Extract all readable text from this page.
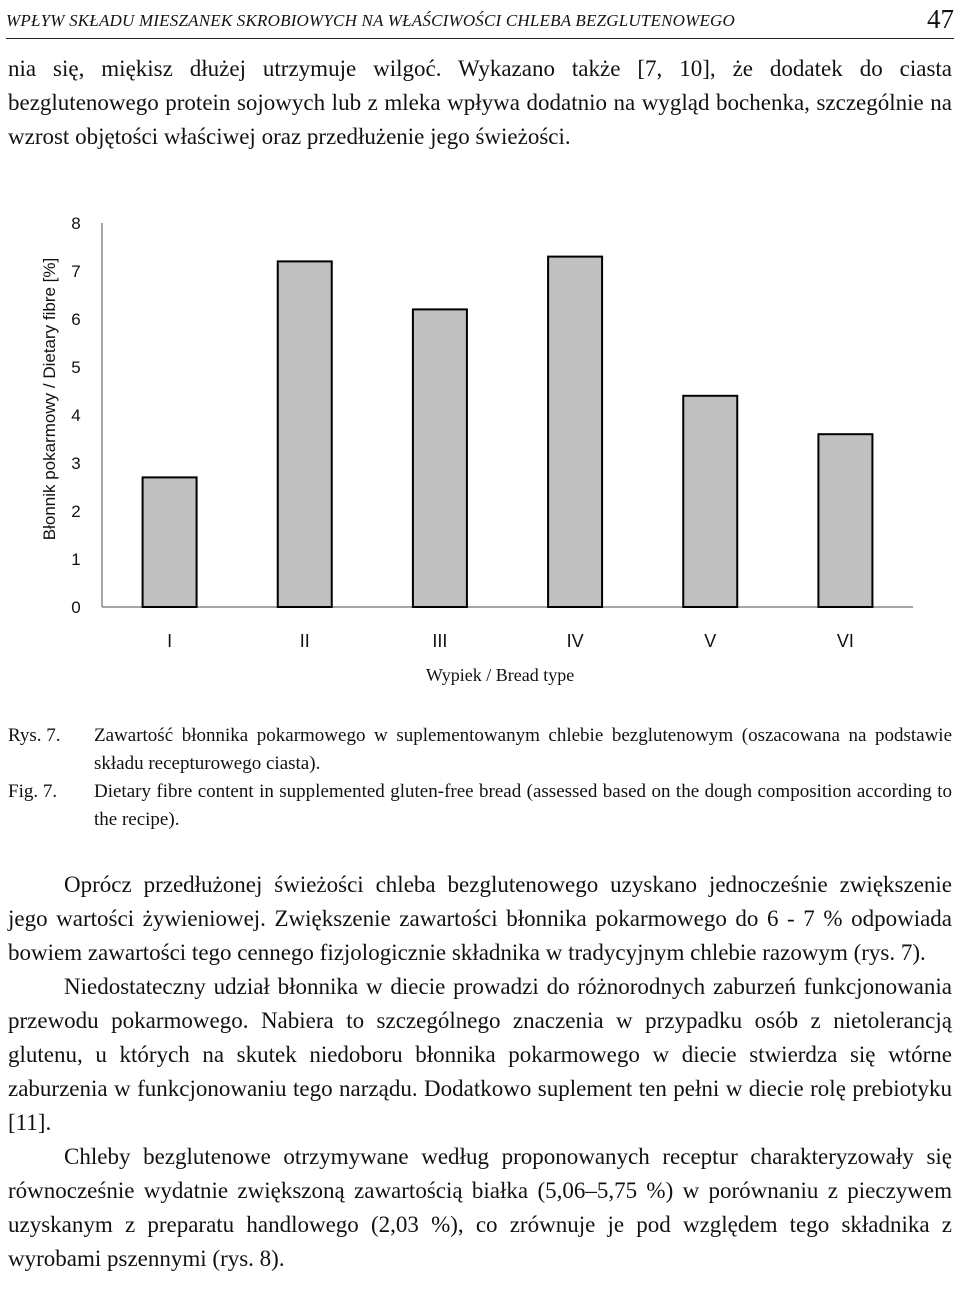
WPŁYW SKŁADU MIESZANEK SKROBIOWYCH NA WŁAŚCIWOŚCI CHLEBA BEZGLUTENOWEGO	47

nia się, miękisz dłużej utrzymuje wilgoć. Wykazano także [7, 10], że dodatek do ciasta bezglutenowego protein sojowych lub z mleka wpływa dodatnio na wygląd bochenka, szczególnie na wzrost objętości właściwej oraz przedłużenie jego świeżości.

Błonnik pokarmowy / Dietary fibre [%]
0
1
2
3
4
5
6
7
8
I	II	III	IV	V	VI
Wypiek / Bread type
Rys. 7.	Zawartość błonnika pokarmowego w suplementowanym chlebie bezglutenowym (oszacowana na podstawie składu recepturowego ciasta).
Fig. 7.	Dietary fibre content in supplemented gluten-free bread (assessed based on the dough composition according to the recipe).

Oprócz przedłużonej świeżości chleba bezglutenowego uzyskano jednocześnie zwiększenie jego wartości żywieniowej. Zwiększenie zawartości błonnika pokarmowego do 6 - 7 % odpowiada bowiem zawartości tego cennego fizjologicznie składnika w tradycyjnym chlebie razowym (rys. 7).

Niedostateczny udział błonnika w diecie prowadzi do różnorodnych zaburzeń funkcjonowania przewodu pokarmowego. Nabiera to szczególnego znaczenia w przypadku osób z nietolerancją glutenu, u których na skutek niedoboru błonnika pokarmowego w diecie stwierdza się wtórne zaburzenia w funkcjonowaniu tego narządu. Dodatkowo suplement ten pełni w diecie rolę prebiotyku [11].

Chleby bezglutenowe otrzymywane według proponowanych receptur charakteryzowały się równocześnie wydatnie zwiększoną zawartością białka (5,06–5,75 %) w porównaniu z pieczywem uzyskanym z preparatu handlowego (2,03 %), co zrównuje je pod względem tego składnika z wyrobami pszennymi (rys. 8).
